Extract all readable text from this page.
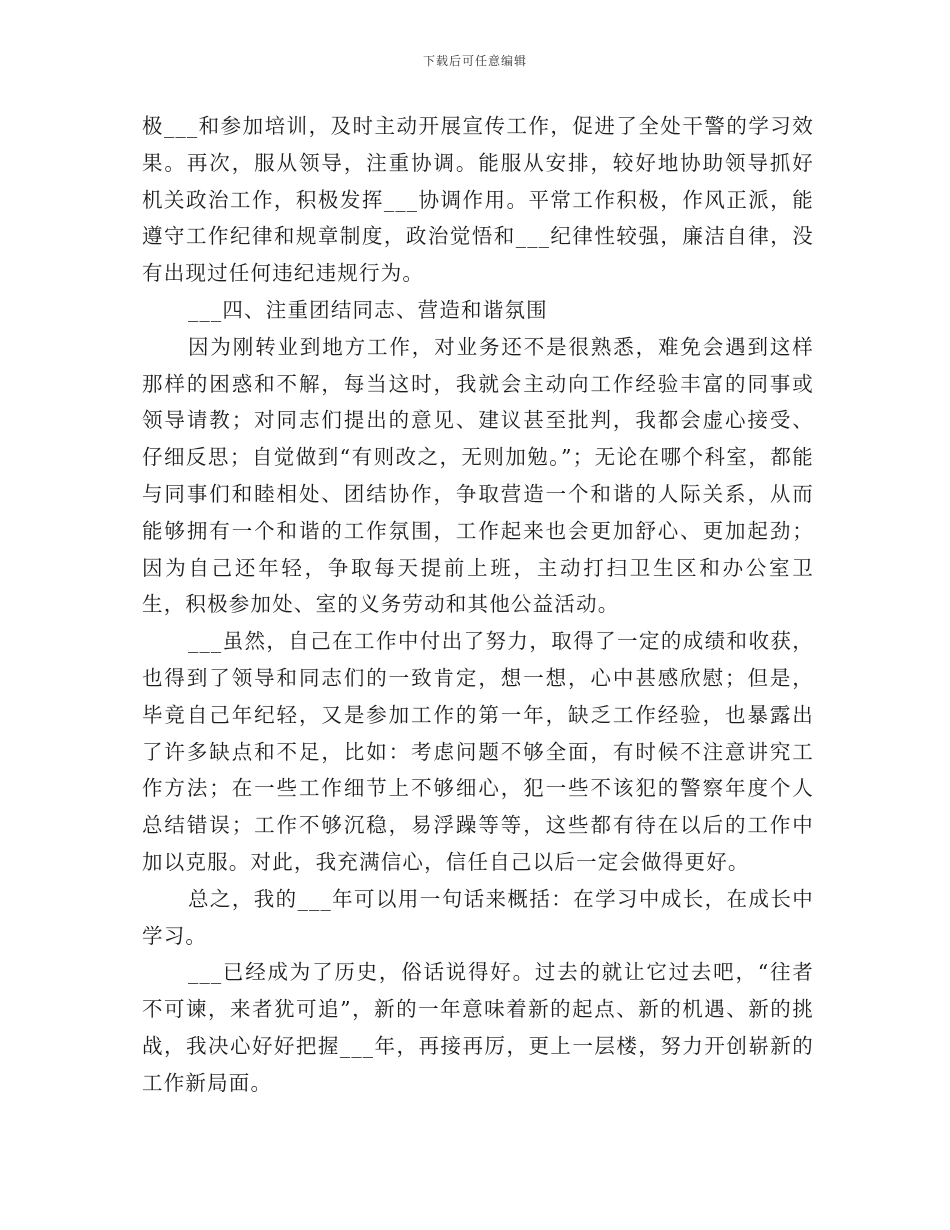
下载后可任意编辑

极___和参加培训，及时主动开展宣传工作，促进了全处干警的学习效果。再次，服从领导，注重协调。能服从安排，较好地协助领导抓好机关政治工作，积极发挥___协调作用。平常工作积极，作风正派，能遵守工作纪律和规章制度，政治觉悟和___纪律性较强，廉洁自律，没有出现过任何违纪违规行为。

___四、注重团结同志、营造和谐氛围

因为刚转业到地方工作，对业务还不是很熟悉，难免会遇到这样那样的困惑和不解，每当这时，我就会主动向工作经验丰富的同事或领导请教；对同志们提出的意见、建议甚至批判，我都会虚心接受、仔细反思；自觉做到“有则改之，无则加勉。”；无论在哪个科室，都能与同事们和睦相处、团结协作，争取营造一个和谐的人际关系，从而能够拥有一个和谐的工作氛围，工作起来也会更加舒心、更加起劲；因为自己还年轻，争取每天提前上班，主动打扫卫生区和办公室卫生，积极参加处、室的义务劳动和其他公益活动。

___虽然，自己在工作中付出了努力，取得了一定的成绩和收获，也得到了领导和同志们的一致肯定，想一想，心中甚感欣慰；但是，毕竟自己年纪轻，又是参加工作的第一年，缺乏工作经验，也暴露出了许多缺点和不足，比如：考虑问题不够全面，有时候不注意讲究工作方法；在一些工作细节上不够细心，犯一些不该犯的警察年度个人总结错误；工作不够沉稳，易浮躁等等，这些都有待在以后的工作中加以克服。对此，我充满信心，信任自己以后一定会做得更好。

总之，我的___年可以用一句话来概括：在学习中成长，在成长中学习。

___已经成为了历史，俗话说得好。过去的就让它过去吧，“往者不可谏，来者犹可追”，新的一年意味着新的起点、新的机遇、新的挑战，我决心好好把握___年，再接再厉，更上一层楼，努力开创崭新的工作新局面。
